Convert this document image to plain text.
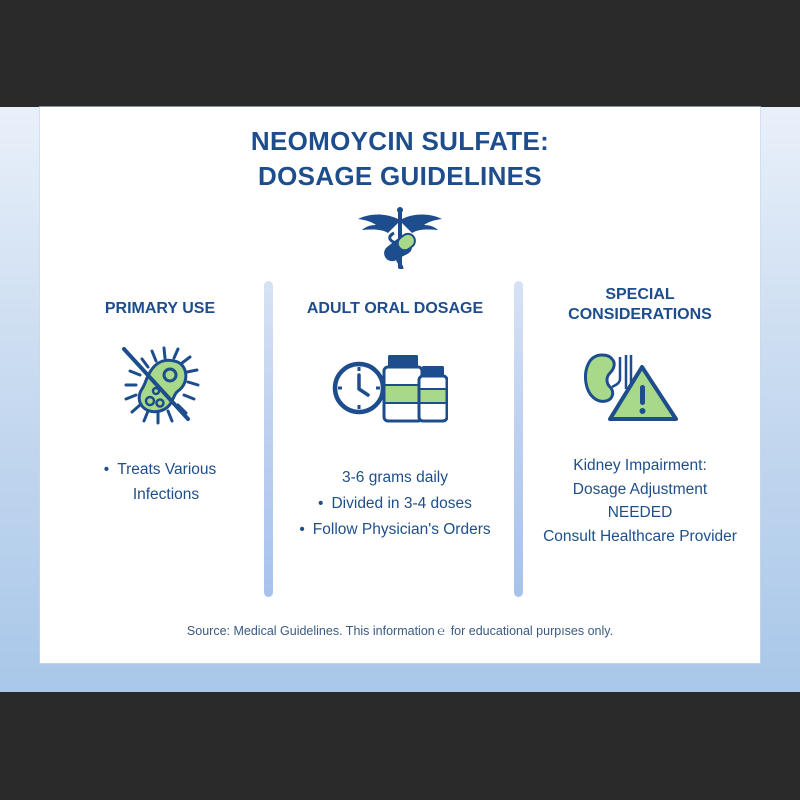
NEOMOYCIN SULFATE:
DOSAGE GUIDELINES
PRIMARY USE
• Treats Various
Infections
ADULT ORAL DOSAGE
3-6 grams daily
• Divided in 3-4 doses
• Follow Physician's Orders
SPECIAL
CONSIDERATIONS
Kidney Impairment:
Dosage Adjustment
NEEDED
Consult Healthcare Provider
Source: Medical Guidelines. This informationｅ for educational purpıses only.
